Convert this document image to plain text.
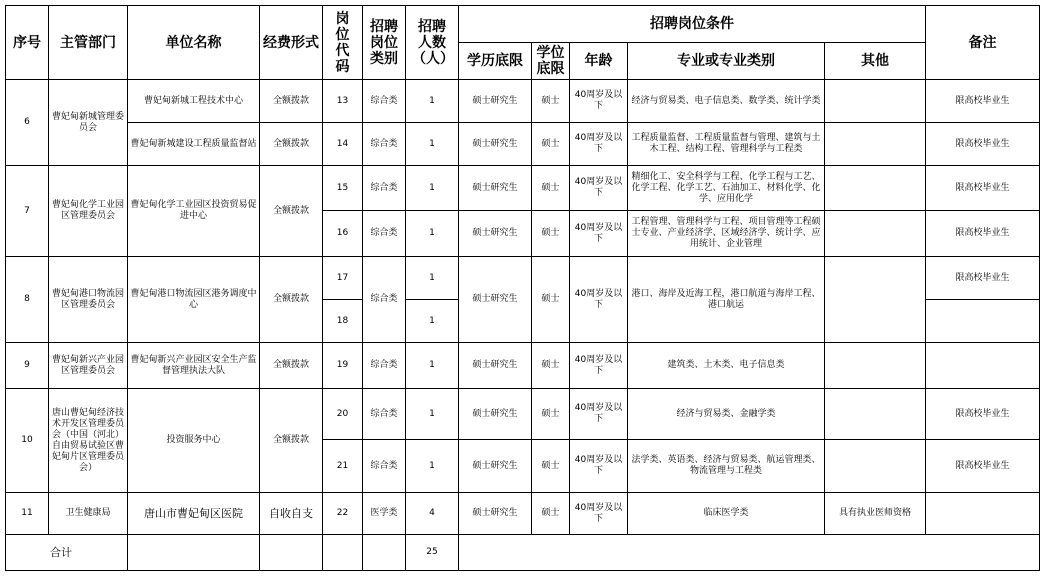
序号	主管部门	单位名称	经费形式	岗位代码	招聘岗位类别	招聘人数（人）	招聘岗位条件					备注
							学历底限	学位底限	年龄	专业或专业类别	其他	
6	曹妃甸新城管理委员会	曹妃甸新城工程技术中心	全额拨款	13	综合类	1	硕士研究生	硕士	40周岁及以下	经济与贸易类、电子信息类、数学类、统计学类		限高校毕业生
		曹妃甸新城建设工程质量监督站	全额拨款	14	综合类	1	硕士研究生	硕士	40周岁及以下	工程质量监督、工程质量监督与管理、建筑与土木工程、结构工程、管理科学与工程类		限高校毕业生
7	曹妃甸化学工业园区管理委员会	曹妃甸化学工业园区投资贸易促进中心	全额拨款	15	综合类	1	硕士研究生	硕士	40周岁及以下	精细化工、安全科学与工程、化学工程与工艺、化学工程、化学工艺、石油加工、材料化学、化学、应用化学		限高校毕业生
				16	综合类	1	硕士研究生	硕士	40周岁及以下	工程管理、管理科学与工程、项目管理等工程硕士专业、产业经济学、区域经济学、统计学、应用统计、企业管理		限高校毕业生
8	曹妃甸港口物流园区管理委员会	曹妃甸港口物流园区港务调度中心	全额拨款	17	综合类	1	硕士研究生	硕士	40周岁及以下	港口、海岸及近海工程，港口航道与海岸工程、港口航运		限高校毕业生
				18		1						
9	曹妃甸新兴产业园区管理委员会	曹妃甸新兴产业园区安全生产监督管理执法大队	全额拨款	19	综合类	1	硕士研究生	硕士	40周岁及以下	建筑类、土木类、电子信息类		
10	唐山曹妃甸经济技术开发区管理委员会（中国（河北）自由贸易试验区曹妃甸片区管理委员会）	投资服务中心	全额拨款	20	综合类	1	硕士研究生	硕士	40周岁及以下	经济与贸易类、金融学类		限高校毕业生
				21	综合类	1	硕士研究生	硕士	40周岁及以下	法学类、英语类、经济与贸易类、航运管理类、物流管理与工程类		限高校毕业生
11	卫生健康局	唐山市曹妃甸区医院	自收自支	22	医学类	4	硕士研究生	硕士	40周岁及以下	临床医学类	具有执业医师资格	
合计						25						
